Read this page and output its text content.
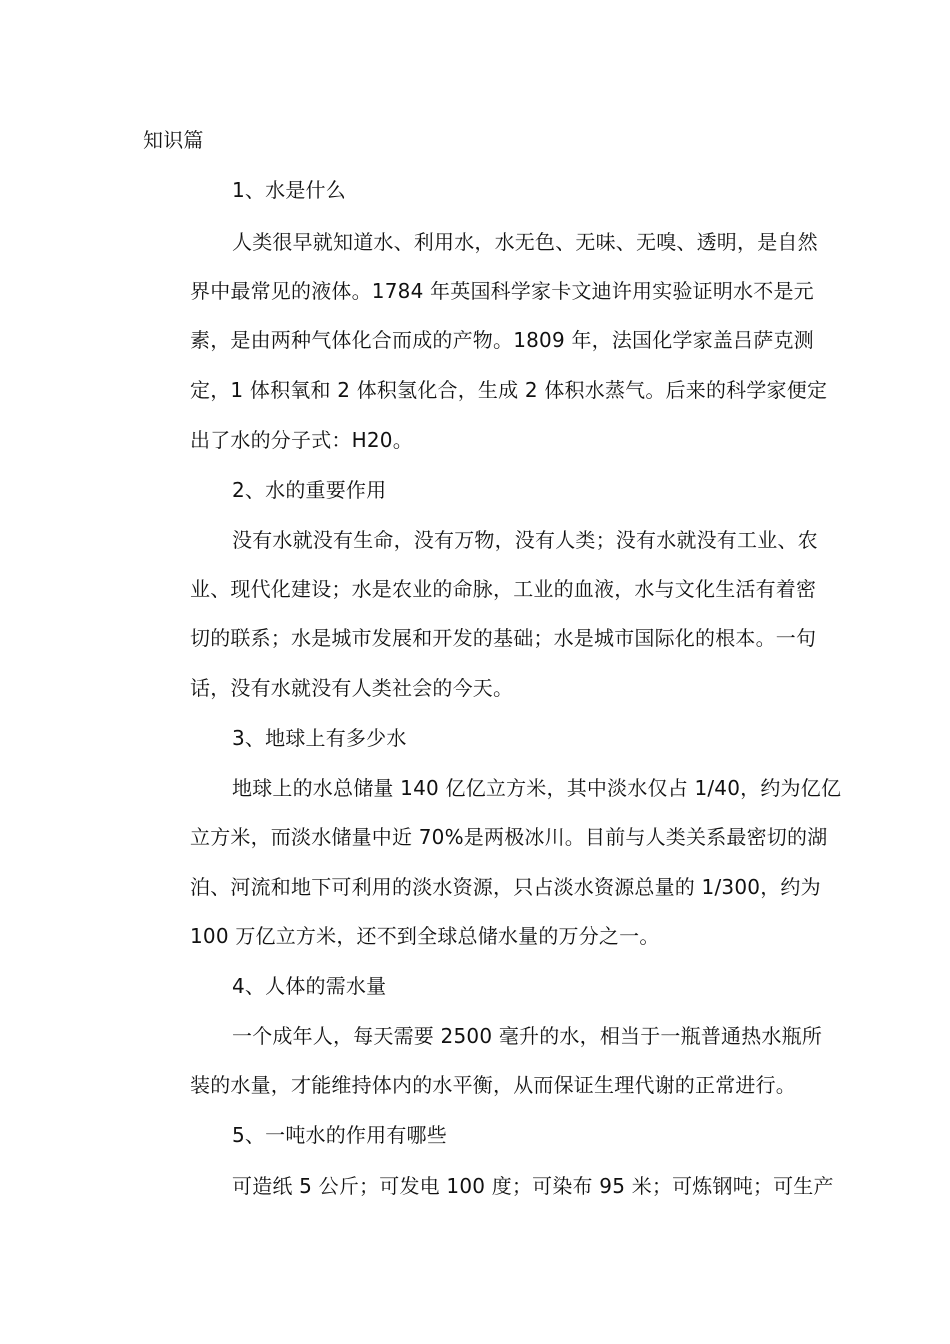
知识篇
1、水是什么
人类很早就知道水、利用水，水无色、无味、无嗅、透明，是自然
界中最常见的液体。1784 年英国科学家卡文迪许用实验证明水不是元
素，是由两种气体化合而成的产物。1809 年，法国化学家盖吕萨克测
定，1 体积氧和 2 体积氢化合，生成 2 体积水蒸气。后来的科学家便定
出了水的分子式：H20。
2、水的重要作用
没有水就没有生命，没有万物，没有人类；没有水就没有工业、农
业、现代化建设；水是农业的命脉，工业的血液，水与文化生活有着密
切的联系；水是城市发展和开发的基础；水是城市国际化的根本。一句
话，没有水就没有人类社会的今天。
3、地球上有多少水
地球上的水总储量 140 亿亿立方米，其中淡水仅占 1/40，约为亿亿
立方米，而淡水储量中近 70%是两极冰川。目前与人类关系最密切的湖
泊、河流和地下可利用的淡水资源，只占淡水资源总量的 1/300，约为
100 万亿立方米，还不到全球总储水量的万分之一。
4、人体的需水量
一个成年人，每天需要 2500 毫升的水，相当于一瓶普通热水瓶所
装的水量，才能维持体内的水平衡，从而保证生理代谢的正常进行。
5、一吨水的作用有哪些
可造纸 5 公斤；可发电 100 度；可染布 95 米；可炼钢吨；可生产
